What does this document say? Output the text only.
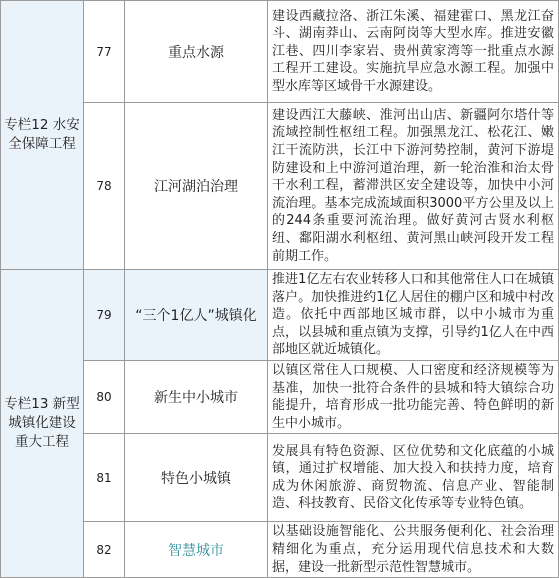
专栏12 水安全保障工程	77	重点水源	建设西藏拉洛、浙江朱溪、福建霍口、黑龙江奋斗、湖南莽山、云南阿岗等大型水库。推进安徽江巷、四川李家岩、贵州黄家湾等一批重点水源工程开工建设。实施抗旱应急水源工程。加强中型水库等区域骨干水源建设。
	78	江河湖泊治理	建设西江大藤峡、淮河出山店、新疆阿尔塔什等流域控制性枢纽工程。加强黑龙江、松花江、嫩江干流防洪，长江中下游河势控制，黄河下游堤防建设和上中游河道治理，新一轮治淮和治太骨干水利工程，蓄滞洪区安全建设等，加快中小河流治理。基本完成流域面积3000平方公里及以上的244条重要河流治理。做好黄河古贤水利枢纽、鄱阳湖水利枢纽、黄河黑山峡河段开发工程前期工作。
专栏13 新型城镇化建设重大工程	79	“三个1亿人”城镇化	推进1亿左右农业转移人口和其他常住人口在城镇落户。加快推进约1亿人居住的棚户区和城中村改造。依托中西部地区城市群，以中小城市为重点，以县城和重点镇为支撑，引导约1亿人在中西部地区就近城镇化。
	80	新生中小城市	以镇区常住人口规模、人口密度和经济规模等为基准，加快一批符合条件的县城和特大镇综合功能提升，培育形成一批功能完善、特色鲜明的新生中小城市。
	81	特色小城镇	发展具有特色资源、区位优势和文化底蕴的小城镇，通过扩权增能、加大投入和扶持力度，培育成为休闲旅游、商贸物流、信息产业、智能制造、科技教育、民俗文化传承等专业特色镇。
	82	智慧城市	以基础设施智能化、公共服务便利化、社会治理精细化为重点，充分运用现代信息技术和大数据，建设一批新型示范性智慧城市。
